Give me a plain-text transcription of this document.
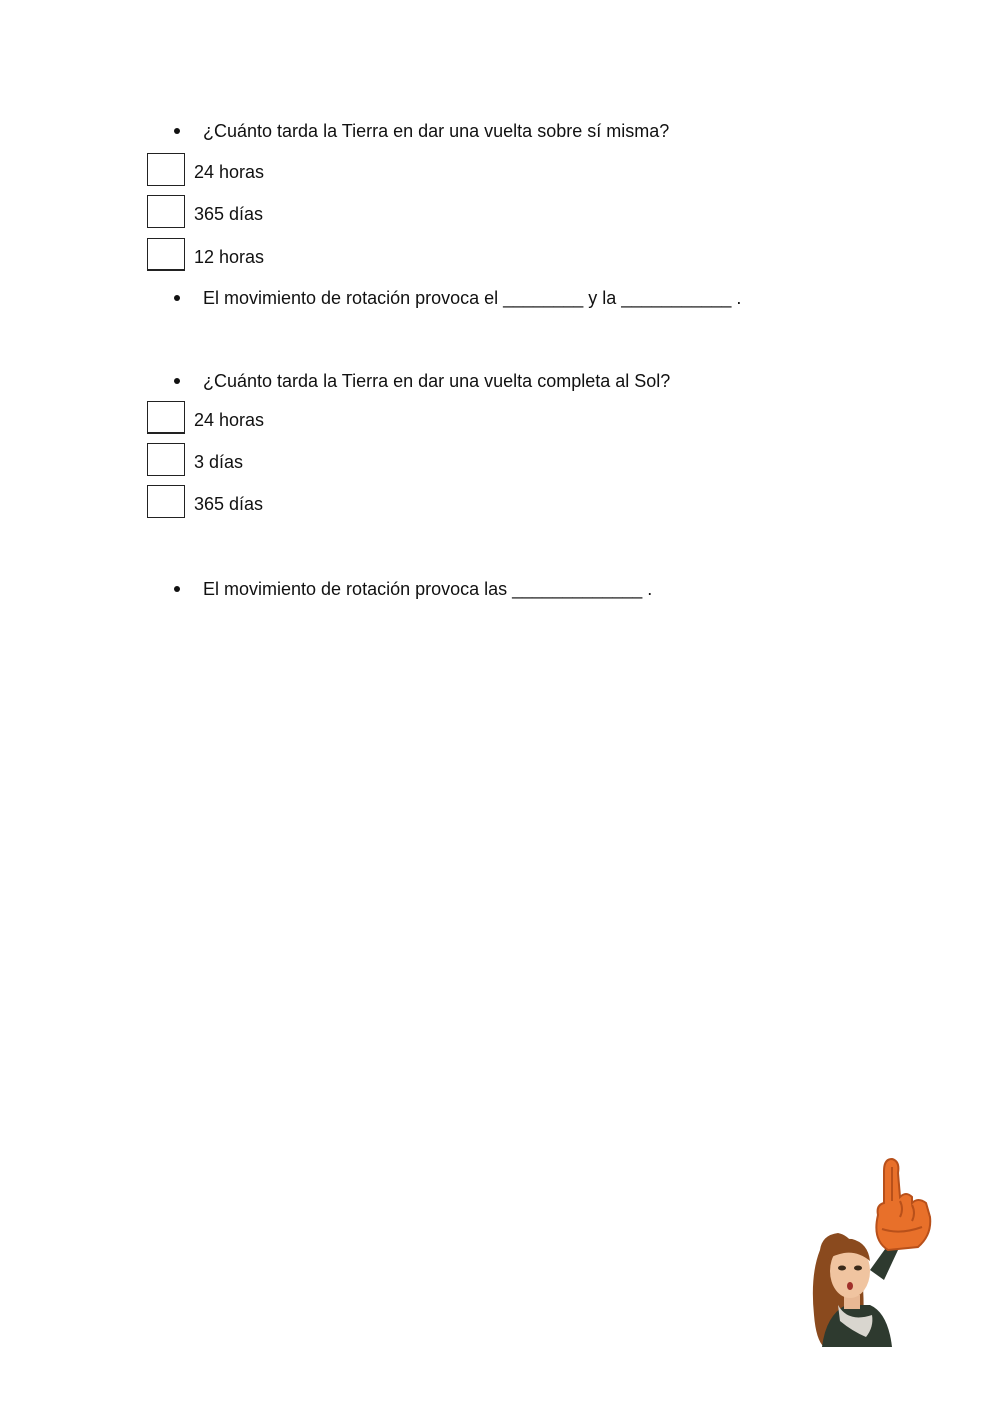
¿Cuánto tarda la Tierra en dar una vuelta sobre sí misma?

24 horas
365 días
12 horas

El movimiento de rotación provoca el ________ y la ___________ .

¿Cuánto tarda la Tierra en dar una vuelta completa al Sol?

24 horas
3 días
365 días

El movimiento de rotación provoca las _____________ .
